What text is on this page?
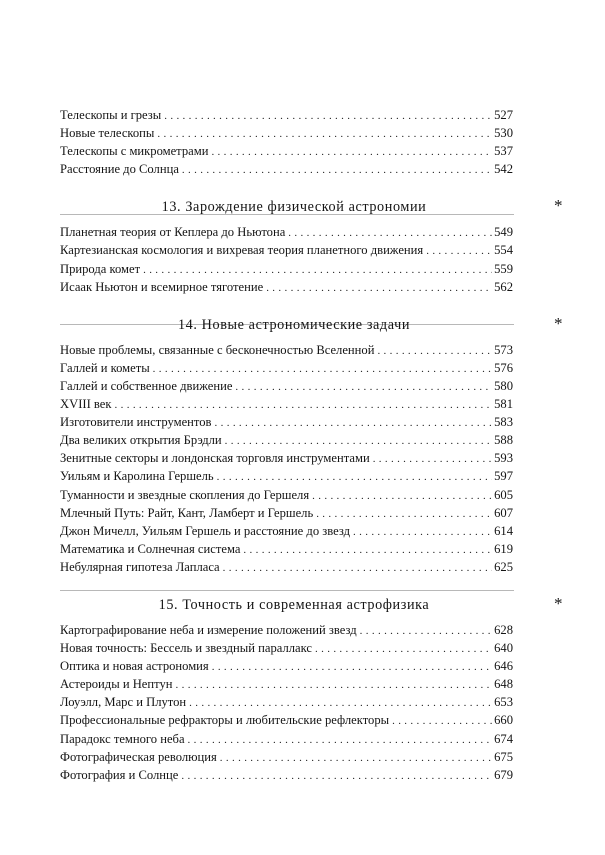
Телескопы и грезы . . .	527
Новые телескопы . . .	530
Телескопы с микрометрами . . .	537
Расстояние до Солнца . . .	542
13. Зарождение физической астрономии	*
Планетная теория от Кеплера до Ньютона . . .	549
Картезианская космология и вихревая теория планетного движения . . .	554
Природа комет . . .	559
Исаак Ньютон и всемирное тяготение . . .	562
14. Новые астрономические задачи	*
Новые проблемы, связанные с бесконечностью Вселенной . . .	573
Галлей и кометы . . .	576
Галлей и собственное движение . . .	580
XVIII век . . .	581
Изготовители инструментов . . .	583
Два великих открытия Брэдли . . .	588
Зенитные секторы и лондонская торговля инструментами . . .	593
Уильям и Каролина Гершель . . .	597
Туманности и звездные скопления до Гершеля . . .	605
Млечный Путь: Райт, Кант, Ламберт и Гершель . . .	607
Джон Мичелл, Уильям Гершель и расстояние до звезд . . .	614
Математика и Солнечная система . . .	619
Небулярная гипотеза Лапласа . . .	625
15. Точность и современная астрофизика	*
Картографирование неба и измерение положений звезд . . .	628
Новая точность: Бессель и звездный параллакс . . .	640
Оптика и новая астрономия . . .	646
Астероиды и Нептун . . .	648
Лоуэлл, Марс и Плутон . . .	653
Профессиональные рефракторы и любительские рефлекторы . . .	660
Парадокс темного неба . . .	674
Фотографическая революция . . .	675
Фотография и Солнце . . .	679
